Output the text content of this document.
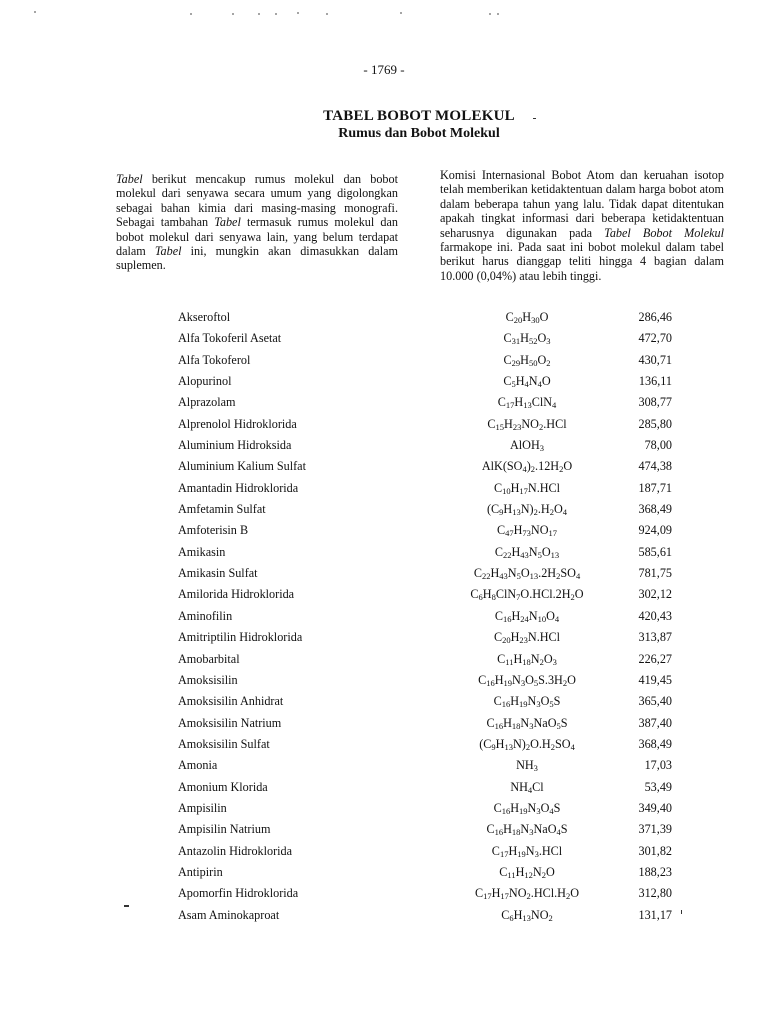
- 1769 -
TABEL BOBOT MOLEKUL
Rumus dan Bobot Molekul
Tabel berikut mencakup rumus molekul dan bobot molekul dari senyawa secara umum yang digolongkan sebagai bahan kimia dari masing-masing monografi. Sebagai tambahan Tabel termasuk rumus molekul dan bobot molekul dari senyawa lain, yang belum terdapat dalam Tabel ini, mungkin akan dimasukkan dalam suplemen.
Komisi Internasional Bobot Atom dan keruahan isotop telah memberikan ketidaktentuan dalam harga bobot atom dalam beberapa tahun yang lalu. Tidak dapat ditentukan apakah tingkat informasi dari beberapa ketidaktentuan seharusnya digunakan pada Tabel Bobot Molekul farmakope ini. Pada saat ini bobot molekul dalam tabel berikut harus dianggap teliti hingga 4 bagian dalam 10.000 (0,04%) atau lebih tinggi.
Akseroftol	$C_{20}H_{30}O$	286,46
Alfa Tokoferil Asetat	$C_{31}H_{52}O_3$	472,70
Alfa Tokoferol	$C_{29}H_{50}O_2$	430,71
Alopurinol	$C_5H_4N_4O$	136,11
Alprazolam	$C_{17}H_{13}ClN_4$	308,77
Alprenolol Hidroklorida	$C_{15}H_{23}NO_2.HCl$	285,80
Aluminium Hidroksida	AlOH$_3$	78,00
Aluminium Kalium Sulfat	$AlK(SO_4)_2.12H_2O$	474,38
Amantadin Hidroklorida	$C_{10}H_{17}N.HCl$	187,71
Amfetamin Sulfat	$(C_9H_{13}N)_2.H_2O_4$	368,49
Amfoterisin B	$C_{47}H_{73}NO_{17}$	924,09
Amikasin	$C_{22}H_{43}N_5O_{13}$	585,61
Amikasin Sulfat	$C_{22}H_{43}N_5O_{13}.2H_2SO_4$	781,75
Amilorida Hidroklorida	$C_6H_8ClN_7O.HCl.2H_2O$	302,12
Aminofilin	$C_{16}H_{24}N_{10}O_4$	420,43
Amitriptilin Hidroklorida	$C_{20}H_{23}N.HCl$	313,87
Amobarbital	$C_{11}H_{18}N_2O_3$	226,27
Amoksisilin	$C_{16}H_{19}N_3O_5S.3H_2O$	419,45
Amoksisilin Anhidrat	$C_{16}H_{19}N_3O_5S$	365,40
Amoksisilin Natrium	$C_{16}H_{18}N_3NaO_5S$	387,40
Amoksisilin Sulfat	$(C_9H_{13}N)_2O.H_2SO_4$	368,49
Amonia	$NH_3$	17,03
Amonium Klorida	$NH_4Cl$	53,49
Ampisilin	$C_{16}H_{19}N_3O_4S$	349,40
Ampisilin Natrium	$C_{16}H_{18}N_3NaO_4S$	371,39
Antazolin Hidroklorida	$C_{17}H_{19}N_3.HCl$	301,82
Antipirin	$C_{11}H_{12}N_2O$	188,23
Apomorfin Hidroklorida	$C_{17}H_{17}NO_2.HCl.H_2O$	312,80
Asam Aminokaproat	$C_6H_{13}NO_2$	131,17
